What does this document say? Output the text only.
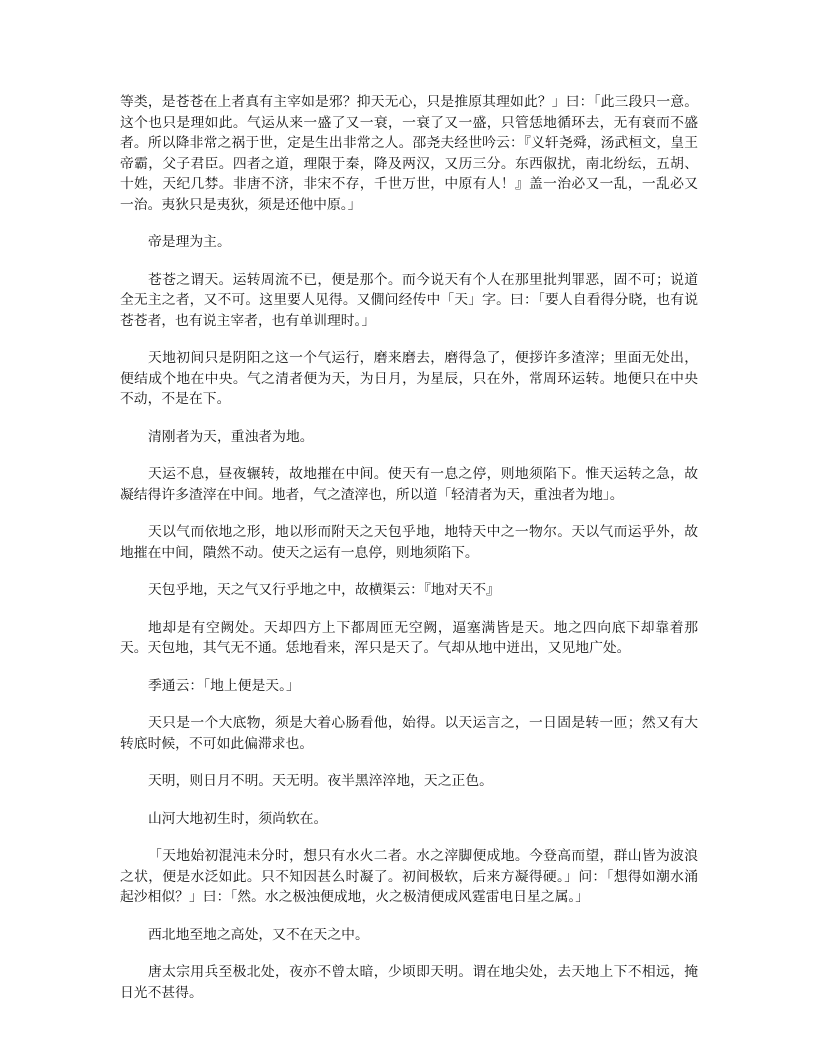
等类，是苍苍在上者真有主宰如是邪？抑天无心，只是推原其理如此？」曰：「此三段只一意。这个也只是理如此。气运从来一盛了又一衰，一衰了又一盛，只管恁地循环去，无有衰而不盛者。所以降非常之祸于世，定是生出非常之人。邵尧夫经世吟云：『义轩尧舜，汤武桓文，皇王帝霸，父子君臣。四者之道，理限于秦，降及两汉，又历三分。东西俶扰，南北纷纭，五胡、十姓，天纪几棼。非唐不济，非宋不存，千世万世，中原有人！』盖一治必又一乱，一乱必又一治。夷狄只是夷狄，须是还他中原。」

帝是理为主。

苍苍之谓天。运转周流不已，便是那个。而今说天有个人在那里批判罪恶，固不可；说道全无主之者，又不可。这里要人见得。又僩问经传中「天」字。曰：「要人自看得分晓，也有说苍苍者，也有说主宰者，也有单训理时。」

天地初间只是阴阳之这一个气运行，磨来磨去，磨得急了，便拶许多渣滓；里面无处出，便结成个地在中央。气之清者便为天，为日月，为星辰，只在外，常周环运转。地便只在中央不动，不是在下。

清刚者为天，重浊者为地。

天运不息，昼夜辗转，故地摧在中间。使天有一息之停，则地须陷下。惟天运转之急，故凝结得许多渣滓在中间。地者，气之渣滓也，所以道「轻清者为天，重浊者为地」。

天以气而依地之形，地以形而附天之天包乎地，地特天中之一物尔。天以气而运乎外，故地摧在中间，隤然不动。使天之运有一息停，则地须陷下。

天包乎地，天之气又行乎地之中，故横渠云：『地对天不』

地却是有空阙处。天却四方上下都周匝无空阙，逼塞满皆是天。地之四向底下却靠着那天。天包地，其气无不通。恁地看来，浑只是天了。气却从地中迸出，又见地广处。

季通云：「地上便是天。」

天只是一个大底物，须是大着心肠看他，始得。以天运言之，一日固是转一匝；然又有大转底时候，不可如此偏滞求也。

天明，则日月不明。天无明。夜半黑淬淬地，天之正色。

山河大地初生时，须尚软在。

「天地始初混沌未分时，想只有水火二者。水之滓脚便成地。今登高而望，群山皆为波浪之状，便是水泛如此。只不知因甚么时凝了。初间极软，后来方凝得硬。」问：「想得如潮水涌起沙相似？」曰：「然。水之极浊便成地，火之极清便成风霆雷电日星之属。」

西北地至地之高处，又不在天之中。

唐太宗用兵至极北处，夜亦不曾太暗，少顷即天明。谓在地尖处，去天地上下不相远，掩日光不甚得。
